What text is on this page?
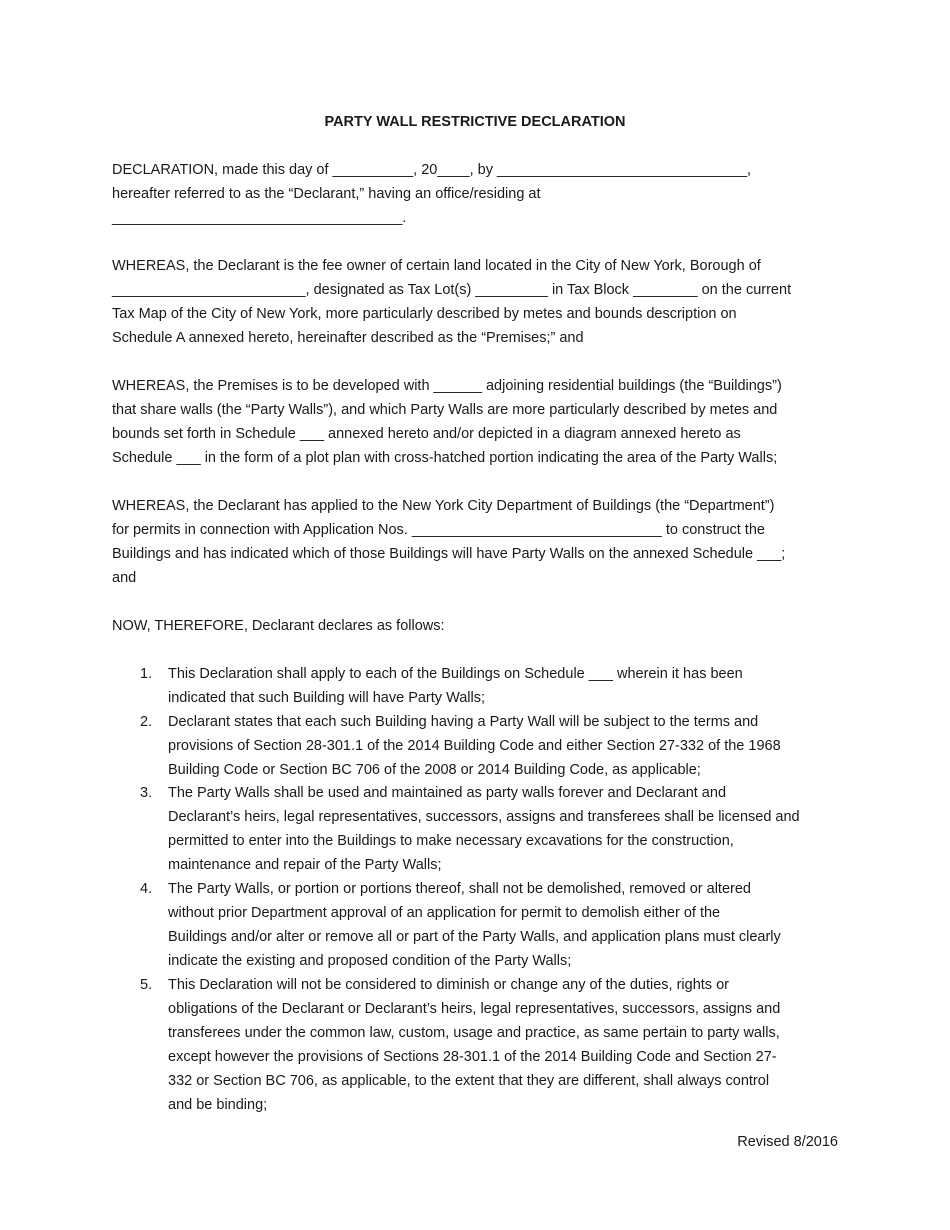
PARTY WALL RESTRICTIVE DECLARATION
DECLARATION, made this day of __________, 20____, by _______________________________,
hereafter referred to as the “Declarant,” having an office/residing at
____________________________________.
WHEREAS, the Declarant is the fee owner of certain land located in the City of New York, Borough of
________________________, designated as Tax Lot(s) _________ in Tax Block ________ on the current
Tax Map of the City of New York, more particularly described by metes and bounds description on
Schedule A annexed hereto, hereinafter described as the “Premises;” and
WHEREAS, the Premises is to be developed with ______ adjoining residential buildings (the “Buildings”)
that share walls (the “Party Walls”), and which Party Walls are more particularly described by metes and
bounds set forth in Schedule ___ annexed hereto and/or depicted in a diagram annexed hereto as
Schedule ___ in the form of a plot plan with cross-hatched portion indicating the area of the Party Walls;
WHEREAS, the Declarant has applied to the New York City Department of Buildings (the “Department”)
for permits in connection with Application Nos. _______________________________ to construct the
Buildings and has indicated which of those Buildings will have Party Walls on the annexed Schedule ___;
and
NOW, THEREFORE, Declarant declares as follows:
1. This Declaration shall apply to each of the Buildings on Schedule ___ wherein it has been
indicated that such Building will have Party Walls;
2. Declarant states that each such Building having a Party Wall will be subject to the terms and
provisions of Section 28-301.1 of the 2014 Building Code and either Section 27-332 of the 1968
Building Code or Section BC 706 of the 2008 or 2014 Building Code, as applicable;
3. The Party Walls shall be used and maintained as party walls forever and Declarant and
Declarant’s heirs, legal representatives, successors, assigns and transferees shall be licensed and
permitted to enter into the Buildings to make necessary excavations for the construction,
maintenance and repair of the Party Walls;
4. The Party Walls, or portion or portions thereof, shall not be demolished, removed or altered
without prior Department approval of an application for permit to demolish either of the
Buildings and/or alter or remove all or part of the Party Walls, and application plans must clearly
indicate the existing and proposed condition of the Party Walls;
5. This Declaration will not be considered to diminish or change any of the duties, rights or
obligations of the Declarant or Declarant’s heirs, legal representatives, successors, assigns and
transferees under the common law, custom, usage and practice, as same pertain to party walls,
except however the provisions of Sections 28-301.1 of the 2014 Building Code and Section 27-
332 or Section BC 706, as applicable, to the extent that they are different, shall always control
and be binding;
Revised 8/2016
